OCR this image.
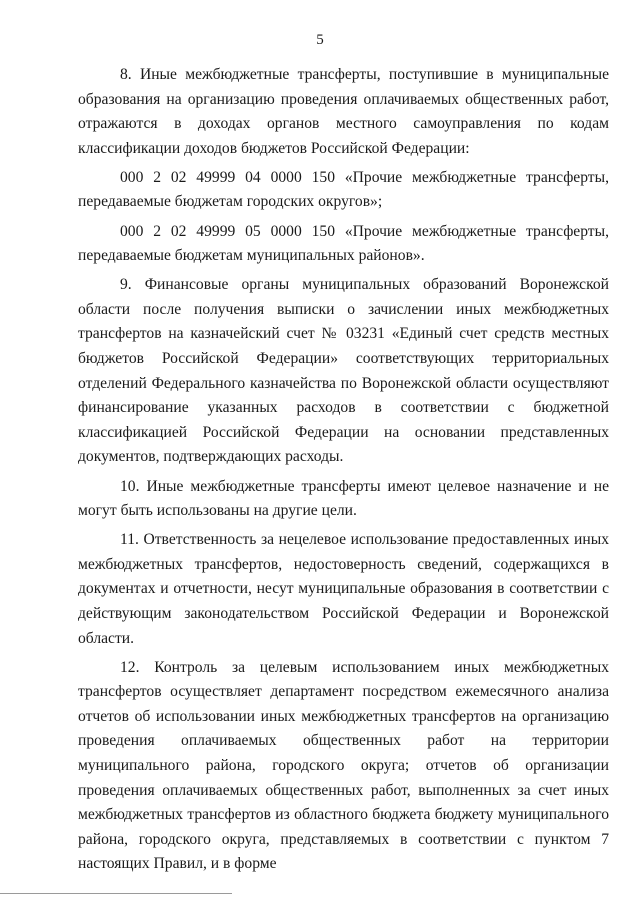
5

8. Иные межбюджетные трансферты, поступившие в муниципальные образования на организацию проведения оплачиваемых общественных работ, отражаются в доходах органов местного самоуправления по кодам классификации доходов бюджетов Российской Федерации:

000 2 02 49999 04 0000 150 «Прочие межбюджетные трансферты, передаваемые бюджетам городских округов»;

000 2 02 49999 05 0000 150 «Прочие межбюджетные трансферты, передаваемые бюджетам муниципальных районов».

9. Финансовые органы муниципальных образований Воронежской области после получения выписки о зачислении иных межбюджетных трансфертов на казначейский счет № 03231 «Единый счет средств местных бюджетов Российской Федерации» соответствующих территориальных отделений Федерального казначейства по Воронежской области осуществляют финансирование указанных расходов в соответствии с бюджетной классификацией Российской Федерации на основании представленных документов, подтверждающих расходы.

10. Иные межбюджетные трансферты имеют целевое назначение и не могут быть использованы на другие цели.

11. Ответственность за нецелевое использование предоставленных иных межбюджетных трансфертов, недостоверность сведений, содержащихся в документах и отчетности, несут муниципальные образования в соответствии с действующим законодательством Российской Федерации и Воронежской области.

12. Контроль за целевым использованием иных межбюджетных трансфертов осуществляет департамент посредством ежемесячного анализа отчетов об использовании иных межбюджетных трансфертов на организацию проведения оплачиваемых общественных работ на территории муниципального района, городского округа; отчетов об организации проведения оплачиваемых общественных работ, выполненных за счет иных межбюджетных трансфертов из областного бюджета бюджету муниципального района, городского округа, представляемых в соответствии с пунктом 7 настоящих Правил, и в форме
